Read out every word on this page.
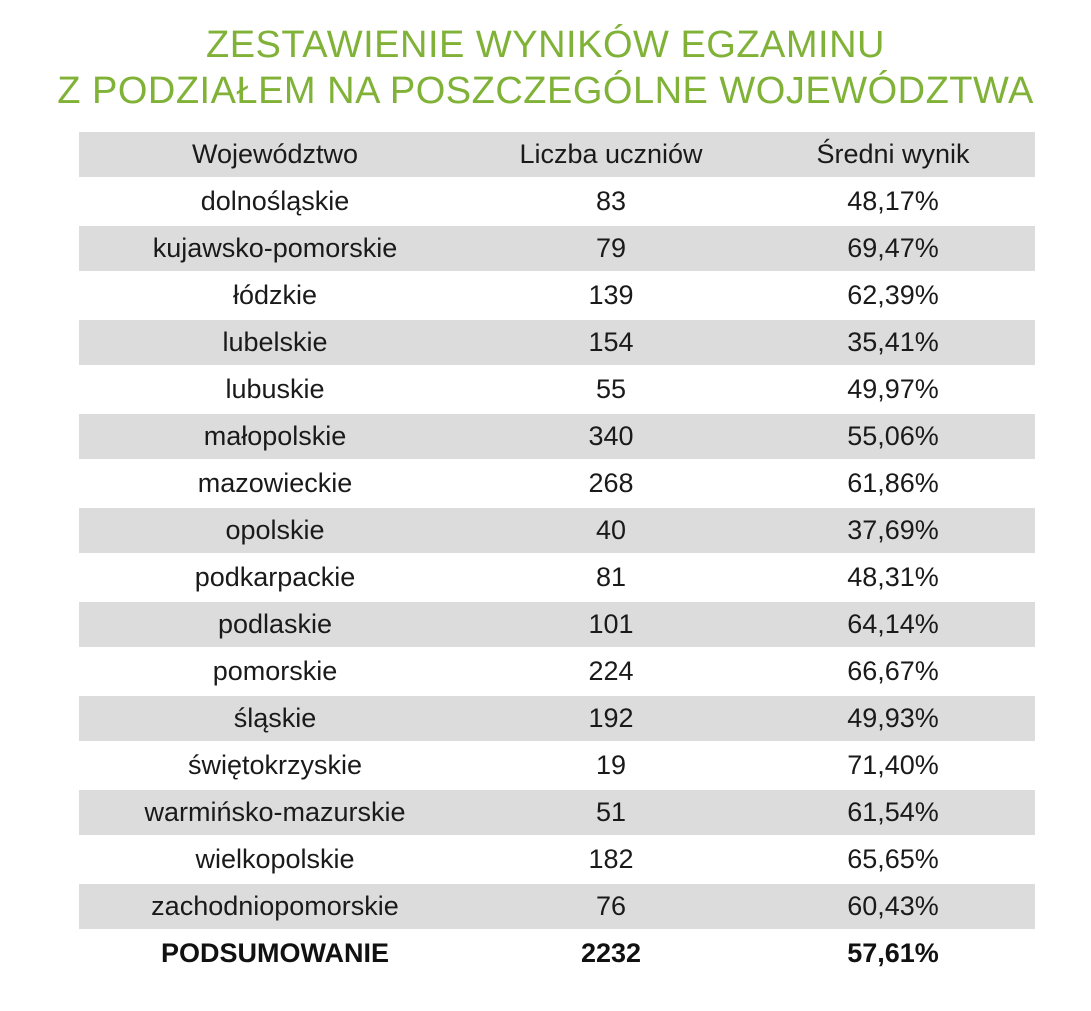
ZESTAWIENIE WYNIKÓW EGZAMINU
Z PODZIAŁEM NA POSZCZEGÓLNE WOJEWÓDZTWA
Województwo	Liczba uczniów	Średni wynik
dolnośląskie	83	48,17%
kujawsko-pomorskie	79	69,47%
łódzkie	139	62,39%
lubelskie	154	35,41%
lubuskie	55	49,97%
małopolskie	340	55,06%
mazowieckie	268	61,86%
opolskie	40	37,69%
podkarpackie	81	48,31%
podlaskie	101	64,14%
pomorskie	224	66,67%
śląskie	192	49,93%
świętokrzyskie	19	71,40%
warmińsko-mazurskie	51	61,54%
wielkopolskie	182	65,65%
zachodniopomorskie	76	60,43%
PODSUMOWANIE	2232	57,61%
